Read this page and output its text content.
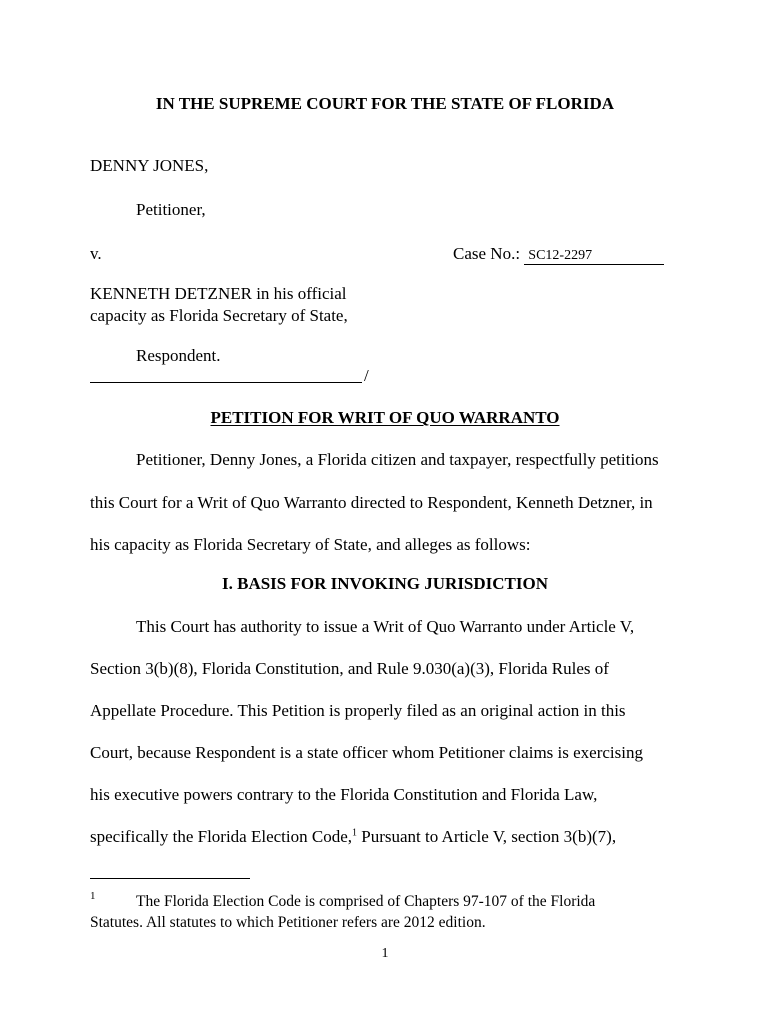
IN THE SUPREME COURT FOR THE STATE OF FLORIDA
DENNY JONES,
Petitioner,
v.	Case No.: SC12-2297
KENNETH DETZNER in his official
capacity as Florida Secretary of State,
Respondent.
/
PETITION FOR WRIT OF QUO WARRANTO
Petitioner, Denny Jones, a Florida citizen and taxpayer, respectfully petitions
this Court for a Writ of Quo Warranto directed to Respondent, Kenneth Detzner, in
his capacity as Florida Secretary of State, and alleges as follows:
I. BASIS FOR INVOKING JURISDICTION
This Court has authority to issue a Writ of Quo Warranto under Article V,
Section 3(b)(8), Florida Constitution, and Rule 9.030(a)(3), Florida Rules of
Appellate Procedure. This Petition is properly filed as an original action in this
Court, because Respondent is a state officer whom Petitioner claims is exercising
his executive powers contrary to the Florida Constitution and Florida Law,
specifically the Florida Election Code,$^1$ Pursuant to Article V, section 3(b)(7),
1	The Florida Election Code is comprised of Chapters 97-107 of the Florida
Statutes. All statutes to which Petitioner refers are 2012 edition.
1
